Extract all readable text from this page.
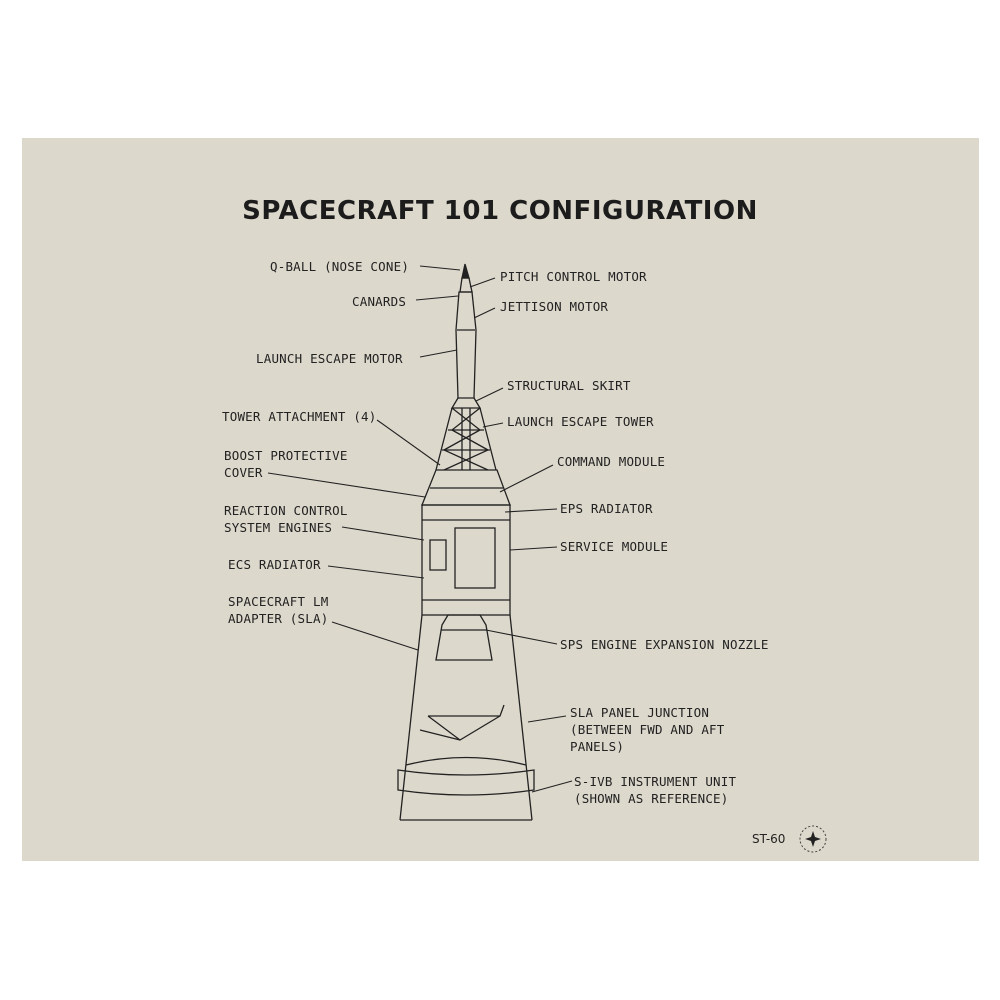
SPACECRAFT 101 CONFIGURATION
Q-BALL (NOSE CONE)
CANARDS
LAUNCH ESCAPE MOTOR
TOWER ATTACHMENT (4)
BOOST PROTECTIVE
COVER
REACTION CONTROL
SYSTEM ENGINES
ECS RADIATOR
SPACECRAFT LM
ADAPTER (SLA)
PITCH CONTROL MOTOR
JETTISON MOTOR
STRUCTURAL SKIRT
LAUNCH ESCAPE TOWER
COMMAND MODULE
EPS RADIATOR
SERVICE MODULE
SPS ENGINE EXPANSION NOZZLE
SLA PANEL JUNCTION
(BETWEEN FWD AND AFT
PANELS)
S-IVB INSTRUMENT UNIT
(SHOWN AS REFERENCE)
ST-60
